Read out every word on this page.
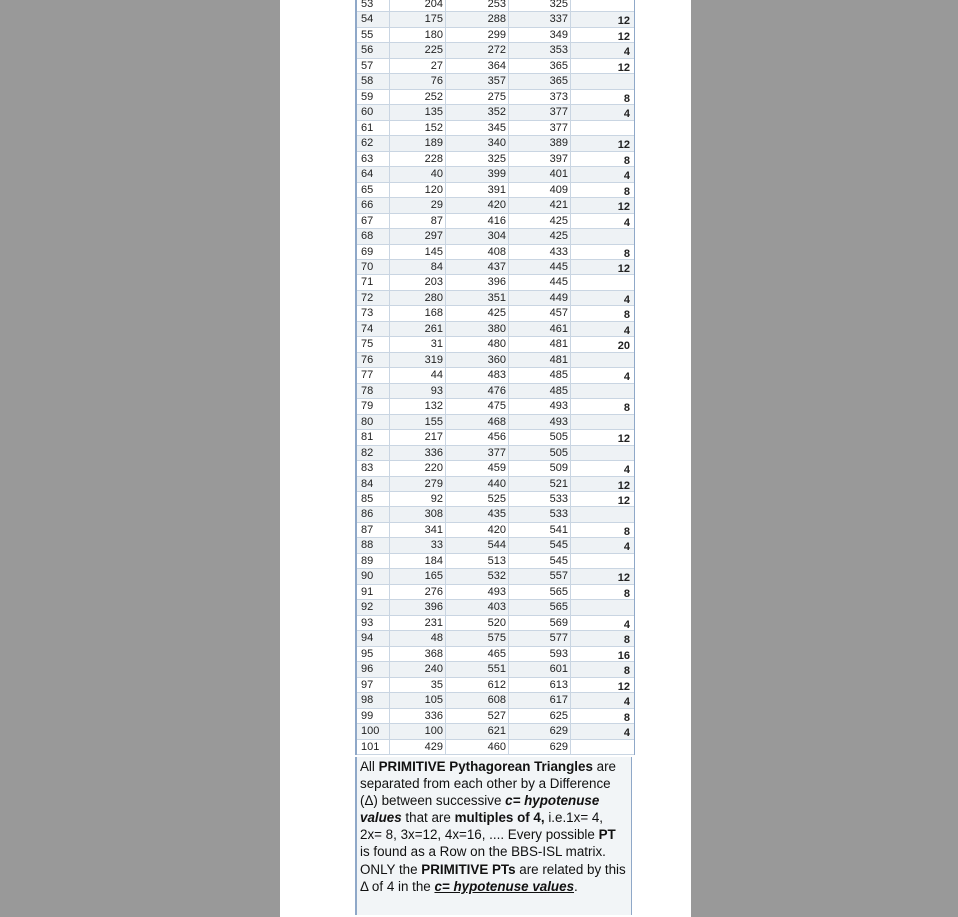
53	204	253	325
54	175	288	337	12
55	180	299	349	12
56	225	272	353	4
57	27	364	365	12
58	76	357	365
59	252	275	373	8
60	135	352	377	4
61	152	345	377
62	189	340	389	12
63	228	325	397	8
64	40	399	401	4
65	120	391	409	8
66	29	420	421	12
67	87	416	425	4
68	297	304	425
69	145	408	433	8
70	84	437	445	12
71	203	396	445
72	280	351	449	4
73	168	425	457	8
74	261	380	461	4
75	31	480	481	20
76	319	360	481
77	44	483	485	4
78	93	476	485
79	132	475	493	8
80	155	468	493
81	217	456	505	12
82	336	377	505
83	220	459	509	4
84	279	440	521	12
85	92	525	533	12
86	308	435	533
87	341	420	541	8
88	33	544	545	4
89	184	513	545
90	165	532	557	12
91	276	493	565	8
92	396	403	565
93	231	520	569	4
94	48	575	577	8
95	368	465	593	16
96	240	551	601	8
97	35	612	613	12
98	105	608	617	4
99	336	527	625	8
100	100	621	629	4
101	429	460	629
All PRIMITIVE Pythagorean Triangles are separated from each other by a Difference (Δ) between successive c= hypotenuse values that are multiples of 4, i.e.1x= 4, 2x= 8, 3x=12, 4x=16, .... Every possible PT is found as a Row on the BBS-ISL matrix. ONLY the PRIMITIVE PTs are related by this Δ of 4 in the c= hypotenuse values.
